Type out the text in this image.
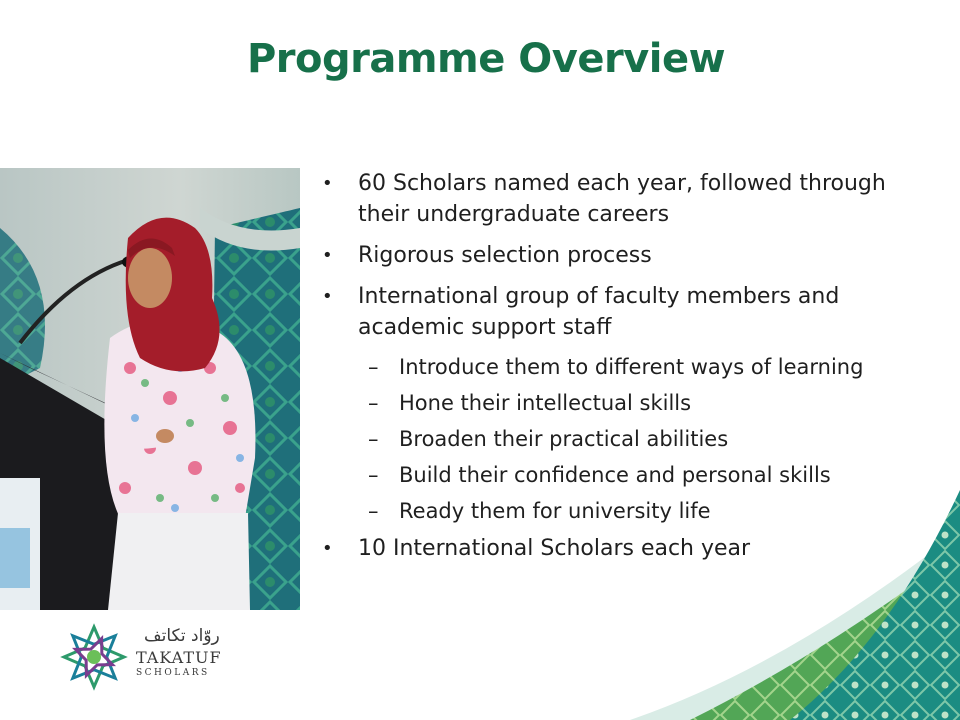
Programme Overview
• 60 Scholars named each year, followed through their undergraduate careers
• Rigorous selection process
• International group of faculty members and academic support staff
– Introduce them to different ways of learning
– Hone their intellectual skills
– Broaden their practical abilities
– Build their confidence and personal skills
– Ready them for university life
• 10 International Scholars each year
روّاد تكاتف
TAKATUF
SCHOLARS
